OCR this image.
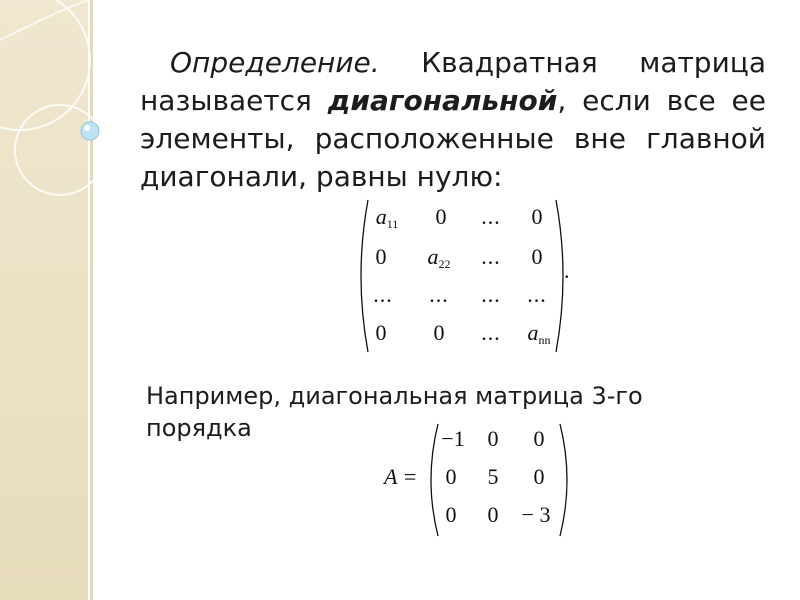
Определение. Квадратная матрица называется диагональной, если все ее элементы, расположенные вне главной диагонали, равны нулю:
$a_{11}$	0	...	0
0	$a_{22}$	...	0
...	...	...	...
0	0	...	$a_{nn}$
.
Например, диагональная матрица 3-го порядка
A =
−1	0	0
0	5	0
0	0	− 3
